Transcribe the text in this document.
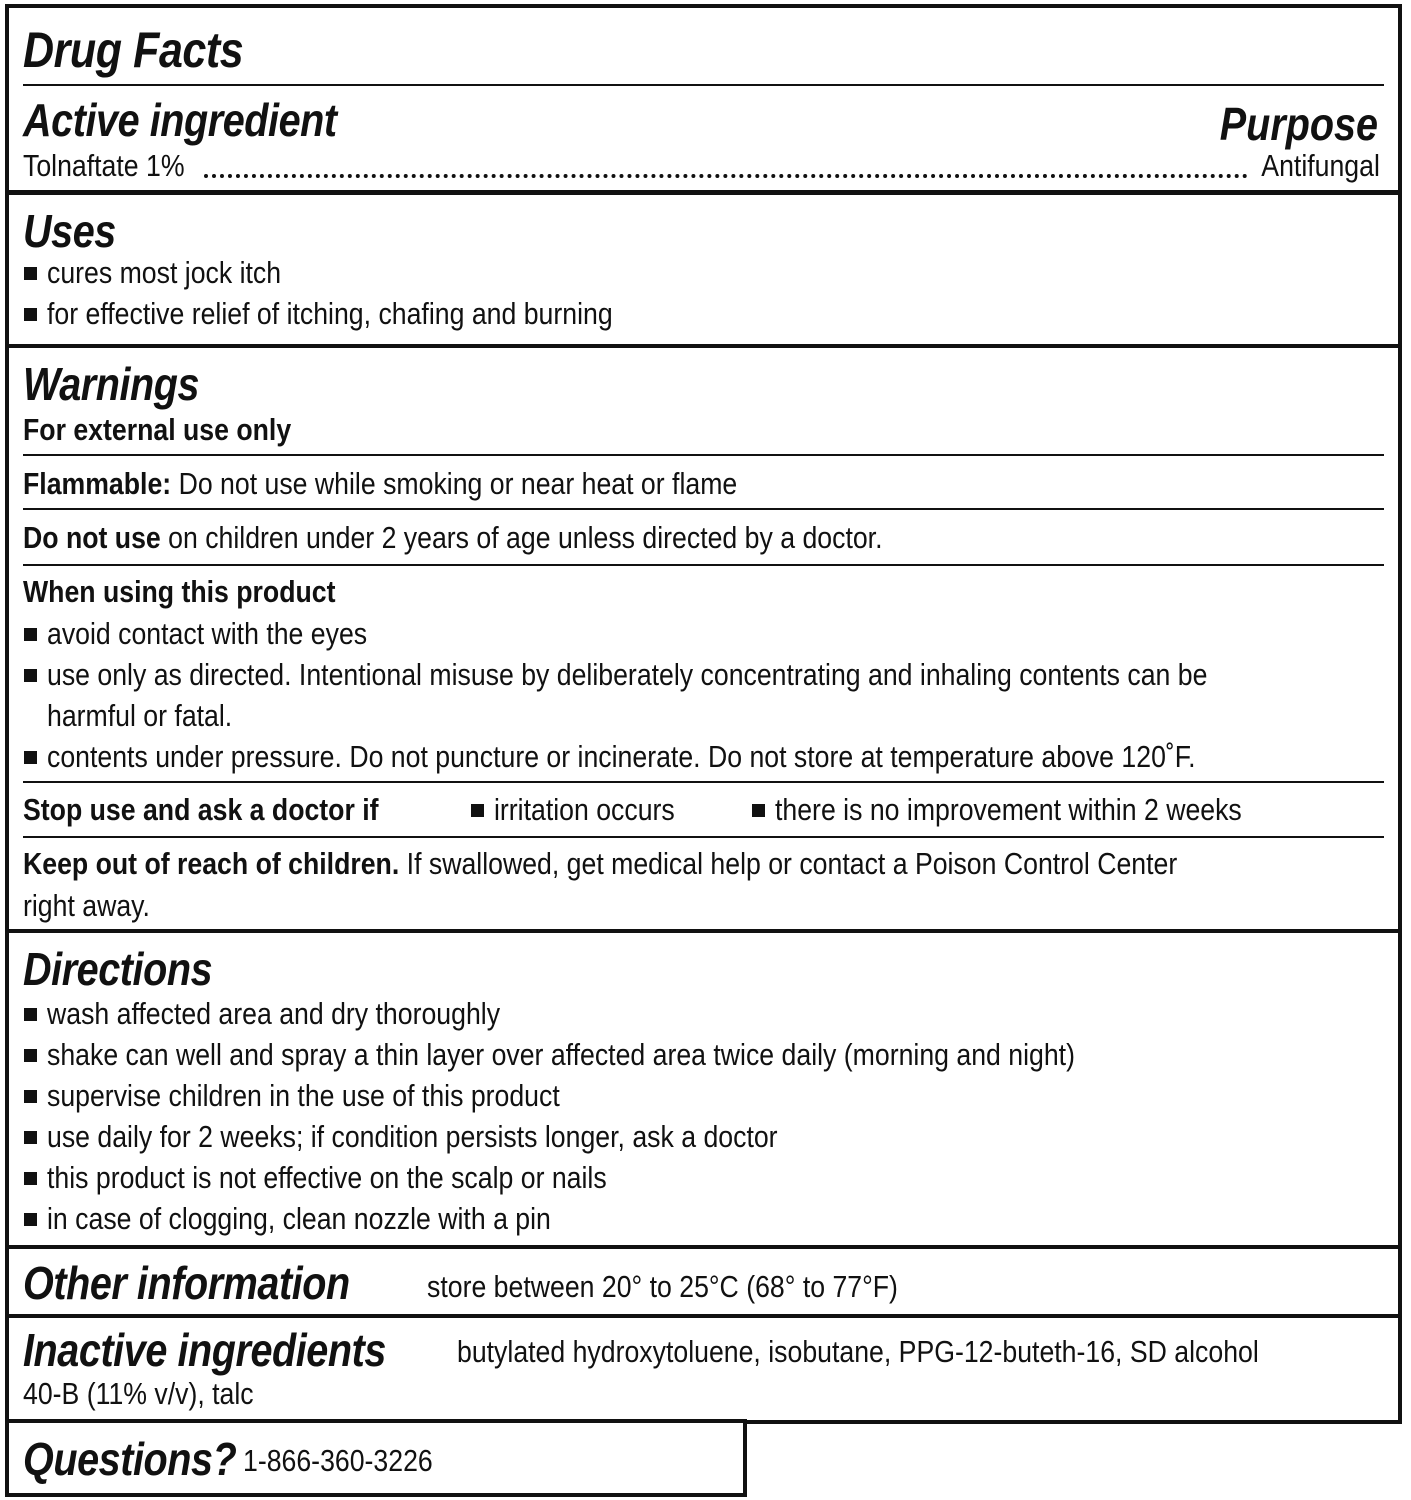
Drug Facts
Active ingredient	Purpose
Tolnaftate 1%	Antifungal
Uses
cures most jock itch
for effective relief of itching, chafing and burning
Warnings
For external use only
Flammable: Do not use while smoking or near heat or flame
Do not use on children under 2 years of age unless directed by a doctor.
When using this product
avoid contact with the eyes
use only as directed. Intentional misuse by deliberately concentrating and inhaling contents can be
harmful or fatal.
contents under pressure. Do not puncture or incinerate. Do not store at temperature above 120˚F.
Stop use and ask a doctor if	irritation occurs	there is no improvement within 2 weeks
Keep out of reach of children. If swallowed, get medical help or contact a Poison Control Center
right away.
Directions
wash affected area and dry thoroughly
shake can well and spray a thin layer over affected area twice daily (morning and night)
supervise children in the use of this product
use daily for 2 weeks; if condition persists longer, ask a doctor
this product is not effective on the scalp or nails
in case of clogging, clean nozzle with a pin
Other information store between 20° to 25°C (68° to 77°F)
Inactive ingredients butylated hydroxytoluene, isobutane, PPG-12-buteth-16, SD alcohol
40-B (11% v/v), talc
Questions? 1-866-360-3226
